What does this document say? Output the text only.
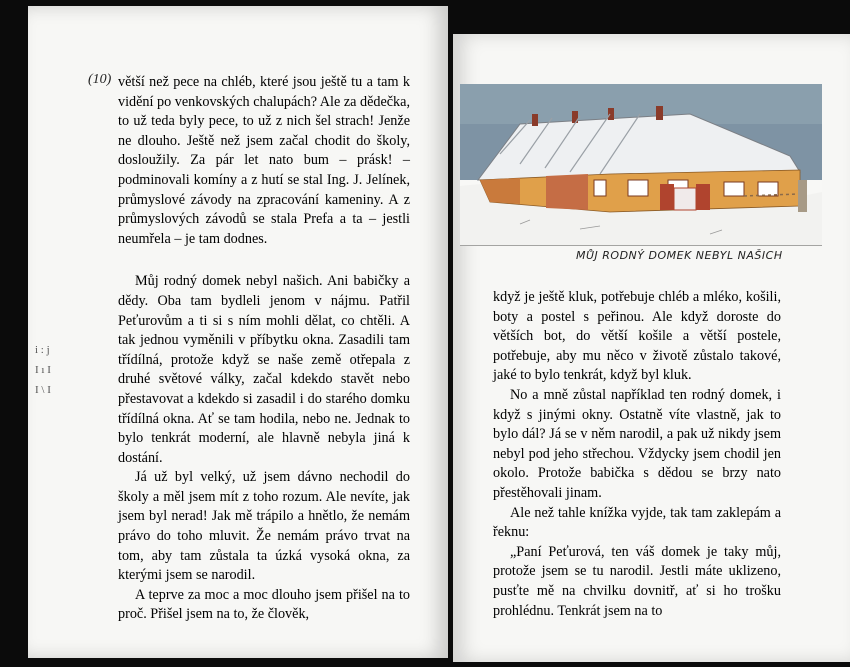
i : j I ı I I \ I
(10) větší než pece na chléb, které jsou ještě tu a tam k vidění po venkovských chalupách? Ale za dědečka, to už teda byly pece, to už z nich šel strach! Jenže ne dlouho. Ještě než jsem začal chodit do školy, dosloužily. Za pár let nato bum – prásk! – podminovali komíny a z hutí se stal Ing. J. Jelínek, průmyslové závody na zpracování kameniny. A z průmyslových závodů se stala Prefa a ta – jestli neumřela – je tam dodnes.

Můj rodný domek nebyl našich. Ani babičky a dědy. Oba tam bydleli jenom v nájmu. Patřil Peťurovům a ti si s ním mohli dělat, co chtěli. A tak jednou vyměnili v příbytku okna. Zasadili tam třídílná, protože když se naše země otřepala z druhé světové války, začal kdekdo stavět nebo přestavovat a kdekdo si zasadil i do starého domku třídílná okna. Ať se tam hodila, nebo ne. Jednak to bylo tenkrát moderní, ale hlavně nebyla jiná k dostání.

Já už byl velký, už jsem dávno nechodil do školy a měl jsem mít z toho rozum. Ale nevíte, jak jsem byl nerad! Jak mě trápilo a hnětlo, že nemám právo do toho mluvit. Že nemám právo trvat na tom, aby tam zůstala ta úzká vysoká okna, za kterými jsem se narodil.

A teprve za moc a moc dlouho jsem přišel na to proč. Přišel jsem na to, že člověk,

MŮJ RODNÝ DOMEK NEBYL NAŠICH

když je ještě kluk, potřebuje chléb a mléko, košili, boty a postel s peřinou. Ale když doroste do větších bot, do větší košile a větší postele, potřebuje, aby mu něco v životě zůstalo takové, jaké to bylo tenkrát, když byl kluk.

No a mně zůstal například ten rodný domek, i když s jinými okny. Ostatně víte vlastně, jak to bylo dál? Já se v něm narodil, a pak už nikdy jsem nebyl pod jeho střechou. Vždycky jsem chodil jen okolo. Protože babička s dědou se brzy nato přestěhovali jinam.

Ale než tahle knížka vyjde, tak tam zaklepám a řeknu:

„Paní Peťurová, ten váš domek je taky můj, protože jsem se tu narodil. Jestli máte uklizeno, pusťte mě na chvilku dovnitř, ať si ho trošku prohlédnu. Tenkrát jsem na to
